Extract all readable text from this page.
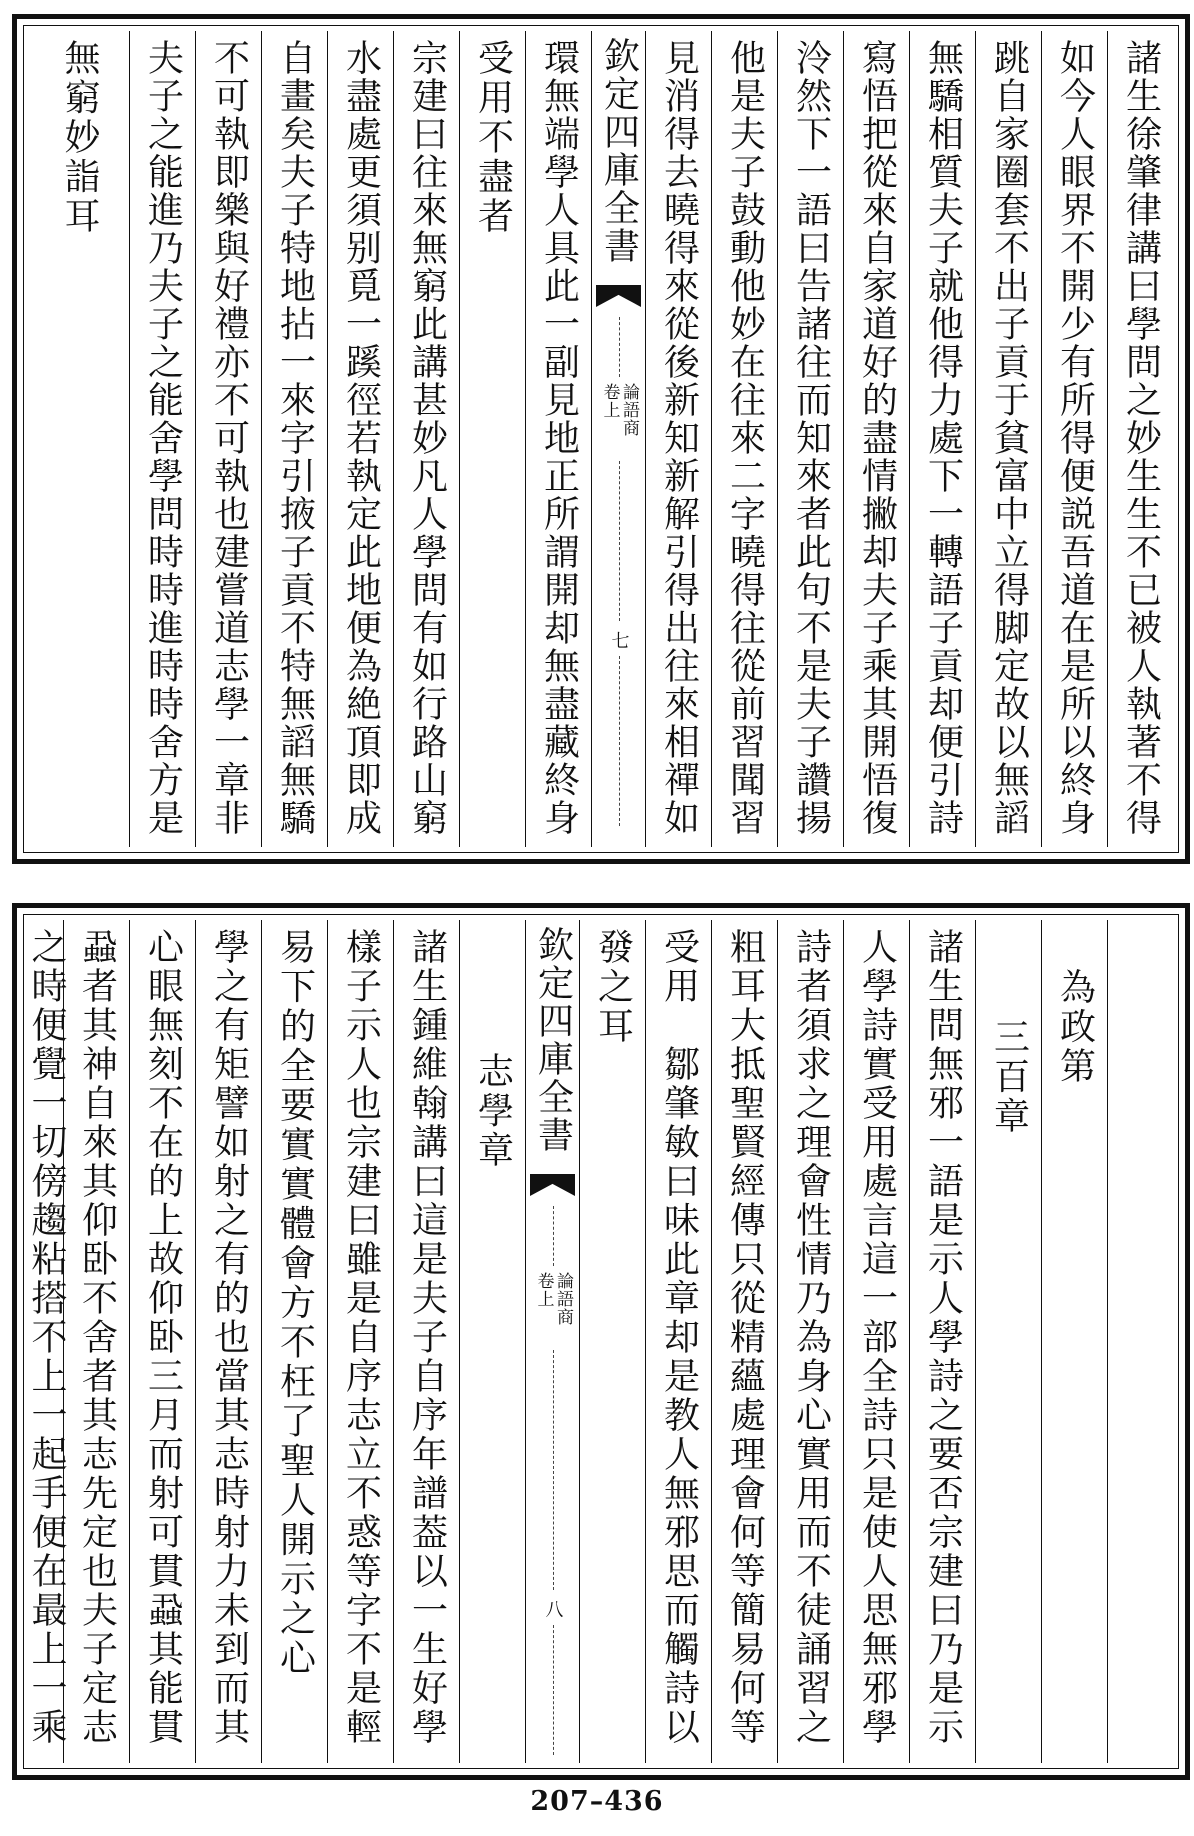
諸生徐肇律講曰學問之妙生生不已被人執著不得
如今人眼界不開少有所得便説吾道在是所以終身
跳自家圈套不出子貢于貧富中立得脚定故以無謟
無驕相質夫子就他得力處下一轉語子貢却便引詩
寫悟把從來自家道好的盡情撇却夫子乘其開悟復
泠然下一語曰告諸往而知來者此句不是夫子讚揚
他是夫子鼓動他妙在往來二字曉得往從前習聞習
見消得去曉得來從後新知新解引得出往來相禪如
欽定四庫全書
論語商
卷上
七
環無端學人具此一副見地正所謂開却無盡藏終身
受用不盡者
宗建曰往來無窮此講甚妙凡人學問有如行路山窮
水盡處更須别覓一蹊徑若執定此地便為絶頂即成
自畫矣夫子特地拈一來字引掖子貢不特無謟無驕
不可執即樂與好禮亦不可執也建嘗道志學一章非
夫子之能進乃夫子之能舍學問時時進時時舍方是
無窮妙詣耳
為政第
三百章
諸生問無邪一語是示人學詩之要否宗建曰乃是示
人學詩實受用處言這一部全詩只是使人思無邪學
詩者須求之理會性情乃為身心實用而不徒誦習之
粗耳大抵聖賢經傳只從精蘊處理會何等簡易何等
受用　鄒肇敏曰味此章却是教人無邪思而觸詩以
發之耳
欽定四庫全書
論語商
卷上
八
志學章
諸生鍾維翰講曰這是夫子自序年譜葢以一生好學
樣子示人也宗建曰雖是自序志立不惑等字不是輕
易下的全要實實體會方不枉了聖人開示之心
學之有矩譬如射之有的也當其志時射力未到而其
心眼無刻不在的上故仰卧三月而射可貫蝨其能貫
蝨者其神自來其仰卧不舍者其志先定也夫子定志
之時便覺一切傍趨粘搭不上一起手便在最上一乘
207–436
